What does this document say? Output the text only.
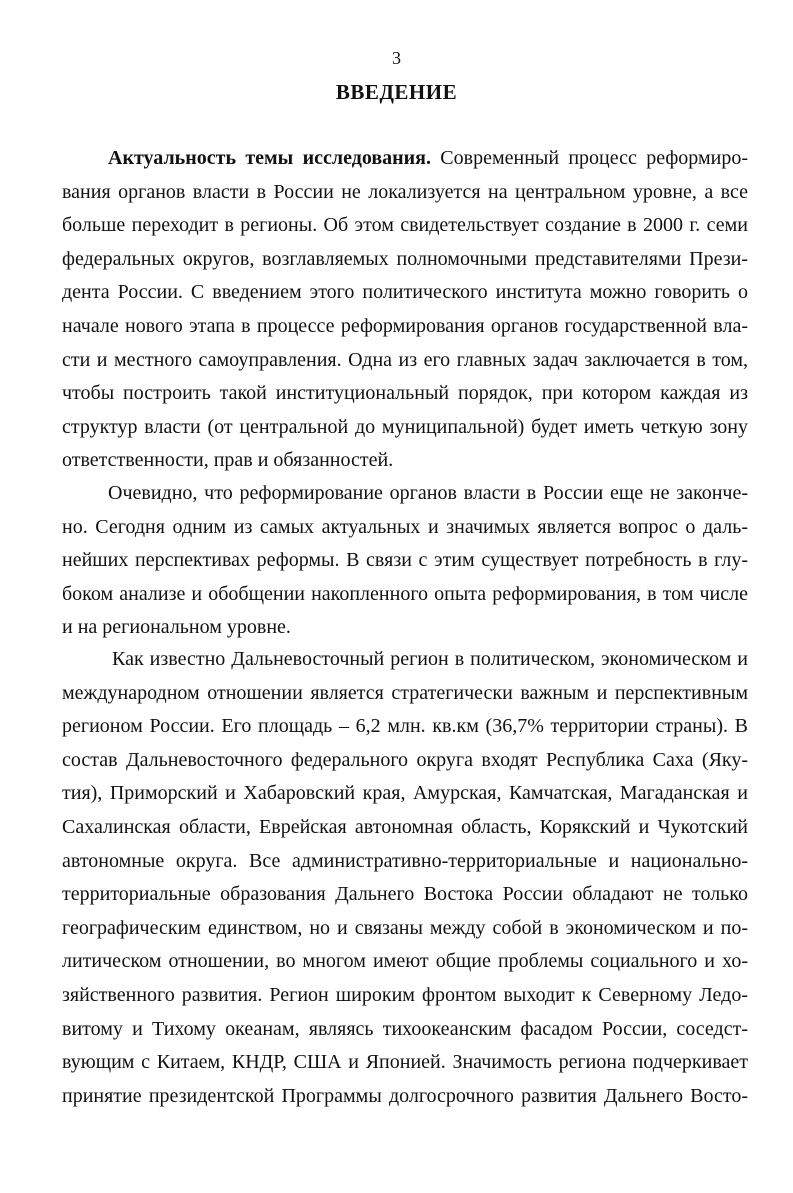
3
ВВЕДЕНИЕ
Актуальность темы исследования. Современный процесс реформиро-
вания органов власти в России не локализуется на центральном уровне, а все
больше переходит в регионы. Об этом свидетельствует создание в 2000 г. семи
федеральных округов, возглавляемых полномочными представителями Прези-
дента России. С введением этого политического института можно говорить о
начале нового этапа в процессе реформирования органов государственной вла-
сти и местного самоуправления. Одна из его главных задач заключается в том,
чтобы построить такой институциональный порядок, при котором каждая из
структур власти (от центральной до муниципальной) будет иметь четкую зону
ответственности, прав и обязанностей.
Очевидно, что реформирование органов власти в России еще не законче-
но. Сегодня одним из самых актуальных и значимых является вопрос о даль-
нейших перспективах реформы. В связи с этим существует потребность в глу-
боком анализе и обобщении накопленного опыта реформирования, в том числе
и на региональном уровне.
Как известно Дальневосточный регион в политическом, экономическом и
международном отношении является стратегически важным и перспективным
регионом России. Его площадь – 6,2 млн. кв.км (36,7% территории страны). В
состав Дальневосточного федерального округа входят Республика Саха (Яку-
тия), Приморский и Хабаровский края, Амурская, Камчатская, Магаданская и
Сахалинская области, Еврейская автономная область, Корякский и Чукотский
автономные округа. Все административно-территориальные и национально-
территориальные образования Дальнего Востока России обладают не только
географическим единством, но и связаны между собой в экономическом и по-
литическом отношении, во многом имеют общие проблемы социального и хо-
зяйственного развития. Регион широким фронтом выходит к Северному Ледо-
витому и Тихому океанам, являясь тихоокеанским фасадом России, соседст-
вующим с Китаем, КНДР, США и Японией. Значимость региона подчеркивает
принятие президентской Программы долгосрочного развития Дальнего Восто-
